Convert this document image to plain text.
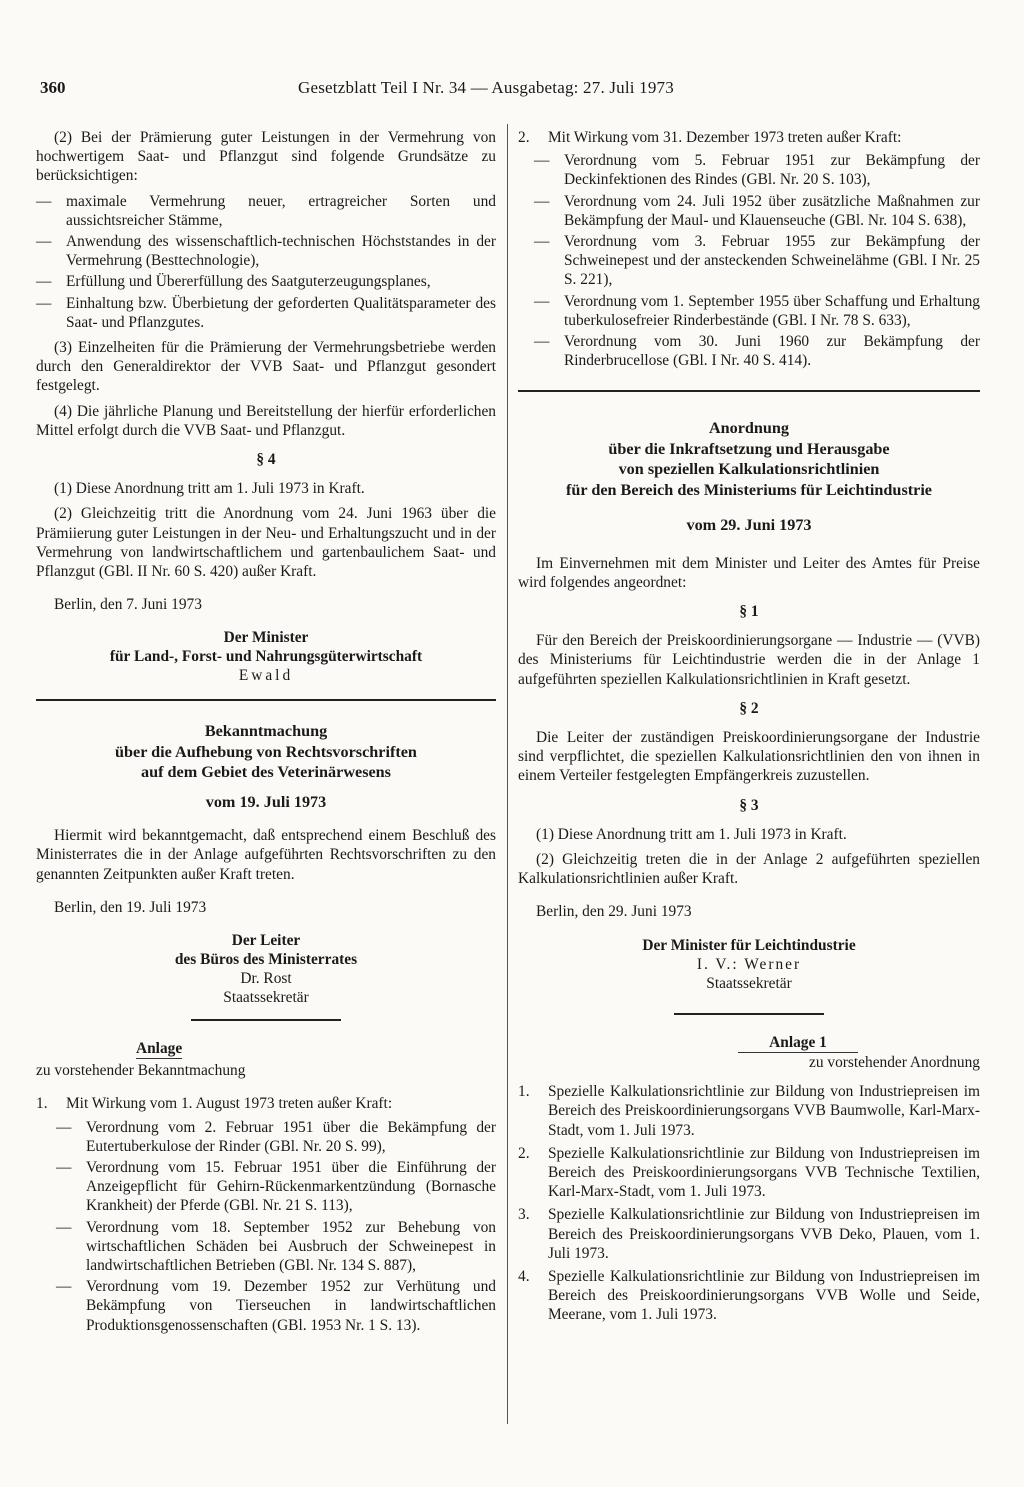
360	Gesetzblatt Teil I Nr. 34 — Ausgabetag: 27. Juli 1973

(2) Bei der Prämierung guter Leistungen in der Vermehrung von hochwertigem Saat- und Pflanzgut sind folgende Grundsätze zu berücksichtigen:

— maximale Vermehrung neuer, ertragreicher Sorten und aussichtsreicher Stämme,
— Anwendung des wissenschaftlich-technischen Höchststandes in der Vermehrung (Besttechnologie),
— Erfüllung und Übererfüllung des Saatguterzeugungsplanes,
— Einhaltung bzw. Überbietung der geforderten Qualitätsparameter des Saat- und Pflanzgutes.

(3) Einzelheiten für die Prämierung der Vermehrungsbetriebe werden durch den Generaldirektor der VVB Saat- und Pflanzgut gesondert festgelegt.

(4) Die jährliche Planung und Bereitstellung der hierfür erforderlichen Mittel erfolgt durch die VVB Saat- und Pflanzgut.

§ 4

(1) Diese Anordnung tritt am 1. Juli 1973 in Kraft.

(2) Gleichzeitig tritt die Anordnung vom 24. Juni 1963 über die Prämiierung guter Leistungen in der Neu- und Erhaltungszucht und in der Vermehrung von landwirtschaftlichem und gartenbaulichem Saat- und Pflanzgut (GBl. II Nr. 60 S. 420) außer Kraft.

Berlin, den 7. Juni 1973
Der Minister
für Land-, Forst- und Nahrungsgüterwirtschaft
Ewald
Bekanntmachung
über die Aufhebung von Rechtsvorschriften
auf dem Gebiet des Veterinärwesens
vom 19. Juli 1973

Hiermit wird bekanntgemacht, daß entsprechend einem Beschluß des Ministerrates die in der Anlage aufgeführten Rechtsvorschriften zu den genannten Zeitpunkten außer Kraft treten.

Berlin, den 19. Juli 1973
Der Leiter
des Büros des Ministerrates
Dr. Rost
Staatssekretär
Anlage
zu vorstehender Bekanntmachung
1. Mit Wirkung vom 1. August 1973 treten außer Kraft:
— Verordnung vom 2. Februar 1951 über die Bekämpfung der Eutertuberkulose der Rinder (GBl. Nr. 20 S. 99),
— Verordnung vom 15. Februar 1951 über die Einführung der Anzeigepflicht für Gehirn-Rückenmarkentzündung (Bornasche Krankheit) der Pferde (GBl. Nr. 21 S. 113),
— Verordnung vom 18. September 1952 zur Behebung von wirtschaftlichen Schäden bei Ausbruch der Schweinepest in landwirtschaftlichen Betrieben (GBl. Nr. 134 S. 887),
— Verordnung vom 19. Dezember 1952 zur Verhütung und Bekämpfung von Tierseuchen in landwirtschaftlichen Produktionsgenossenschaften (GBl. 1953 Nr. 1 S. 13).
2. Mit Wirkung vom 31. Dezember 1973 treten außer Kraft:
— Verordnung vom 5. Februar 1951 zur Bekämpfung der Deckinfektionen des Rindes (GBl. Nr. 20 S. 103),
— Verordnung vom 24. Juli 1952 über zusätzliche Maßnahmen zur Bekämpfung der Maul- und Klauenseuche (GBl. Nr. 104 S. 638),
— Verordnung vom 3. Februar 1955 zur Bekämpfung der Schweinepest und der ansteckenden Schweinelähme (GBl. I Nr. 25 S. 221),
— Verordnung vom 1. September 1955 über Schaffung und Erhaltung tuberkulosefreier Rinderbestände (GBl. I Nr. 78 S. 633),
— Verordnung vom 30. Juni 1960 zur Bekämpfung der Rinderbrucellose (GBl. I Nr. 40 S. 414).
Anordnung
über die Inkraftsetzung und Herausgabe
von speziellen Kalkulationsrichtlinien
für den Bereich des Ministeriums für Leichtindustrie
vom 29. Juni 1973

Im Einvernehmen mit dem Minister und Leiter des Amtes für Preise wird folgendes angeordnet:

§ 1

Für den Bereich der Preiskoordinierungsorgane — Industrie — (VVB) des Ministeriums für Leichtindustrie werden die in der Anlage 1 aufgeführten speziellen Kalkulationsrichtlinien in Kraft gesetzt.

§ 2

Die Leiter der zuständigen Preiskoordinierungsorgane der Industrie sind verpflichtet, die speziellen Kalkulationsrichtlinien den von ihnen in einem Verteiler festgelegten Empfängerkreis zuzustellen.

§ 3

(1) Diese Anordnung tritt am 1. Juli 1973 in Kraft.

(2) Gleichzeitig treten die in der Anlage 2 aufgeführten speziellen Kalkulationsrichtlinien außer Kraft.

Berlin, den 29. Juni 1973
Der Minister für Leichtindustrie
I. V.: Werner
Staatssekretär
Anlage 1
zu vorstehender Anordnung
1. Spezielle Kalkulationsrichtlinie zur Bildung von Industriepreisen im Bereich des Preiskoordinierungsorgans VVB Baumwolle, Karl-Marx-Stadt, vom 1. Juli 1973.
2. Spezielle Kalkulationsrichtlinie zur Bildung von Industriepreisen im Bereich des Preiskoordinierungsorgans VVB Technische Textilien, Karl-Marx-Stadt, vom 1. Juli 1973.
3. Spezielle Kalkulationsrichtlinie zur Bildung von Industriepreisen im Bereich des Preiskoordinierungsorgans VVB Deko, Plauen, vom 1. Juli 1973.
4. Spezielle Kalkulationsrichtlinie zur Bildung von Industriepreisen im Bereich des Preiskoordinierungsorgans VVB Wolle und Seide, Meerane, vom 1. Juli 1973.
